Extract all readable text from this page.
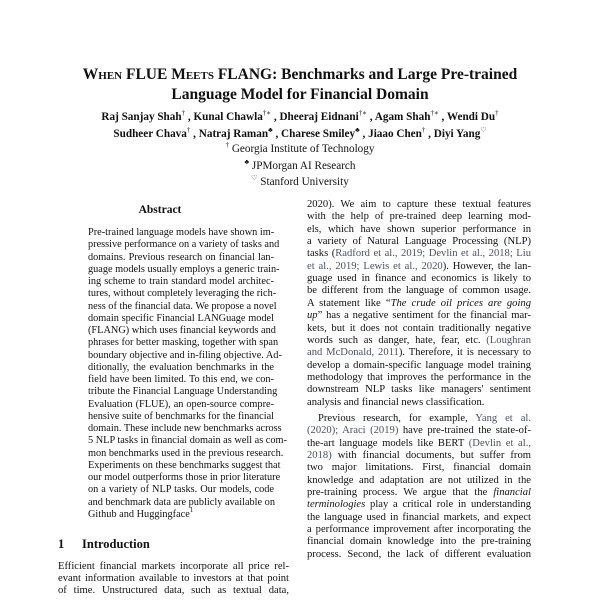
When FLUE Meets FLANG: Benchmarks and Large Pre-trained
Language Model for Financial Domain
Raj Sanjay Shah† , Kunal Chawla†∗ , Dheeraj Eidnani†∗ , Agam Shah†∗ , Wendi Du†
Sudheer Chava† , Natraj Raman♣ , Charese Smiley♣ , Jiaao Chen† , Diyi Yang♡
† Georgia Institute of Technology
♣ JPMorgan AI Research
♡ Stanford University
Abstract
Pre-trained language models have shown im-
pressive performance on a variety of tasks and
domains. Previous research on financial lan-
guage models usually employs a generic train-
ing scheme to train standard model architec-
tures, without completely leveraging the rich-
ness of the financial data. We propose a novel
domain specific Financial LANGuage model
(FLANG) which uses financial keywords and
phrases for better masking, together with span
boundary objective and in-filing objective. Ad-
ditionally, the evaluation benchmarks in the
field have been limited. To this end, we con-
tribute the Financial Language Understanding
Evaluation (FLUE), an open-source compre-
hensive suite of benchmarks for the financial
domain. These include new benchmarks across
5 NLP tasks in financial domain as well as com-
mon benchmarks used in the previous research.
Experiments on these benchmarks suggest that
our model outperforms those in prior literature
on a variety of NLP tasks. Our models, code
and benchmark data are publicly available on
Github and Huggingface$^1$
1 Introduction
Efficient financial markets incorporate all price rel-
evant information available to investors at that point
of time. Unstructured data, such as textual data,
2020). We aim to capture these textual features
with the help of pre-trained deep learning mod-
els, which have shown superior performance in
a variety of Natural Language Processing (NLP)
tasks (Radford et al., 2019; Devlin et al., 2018; Liu
et al., 2019; Lewis et al., 2020). However, the lan-
guage used in finance and economics is likely to
be different from the language of common usage.
A statement like “The crude oil prices are going
up” has a negative sentiment for the financial mar-
kets, but it does not contain traditionally negative
words such as danger, hate, fear, etc. (Loughran
and McDonald, 2011). Therefore, it is necessary to
develop a domain-specific language model training
methodology that improves the performance in the
downstream NLP tasks like managers' sentiment
analysis and financial news classification.
Previous research, for example, Yang et al.
(2020); Araci (2019) have pre-trained the state-of-
the-art language models like BERT (Devlin et al.,
2018) with financial documents, but suffer from
two major limitations. First, financial domain
knowledge and adaptation are not utilized in the
pre-training process. We argue that the financial
terminologies play a critical role in understanding
the language used in financial markets, and expect
a performance improvement after incorporating the
financial domain knowledge into the pre-training
process. Second, the lack of different evaluation
